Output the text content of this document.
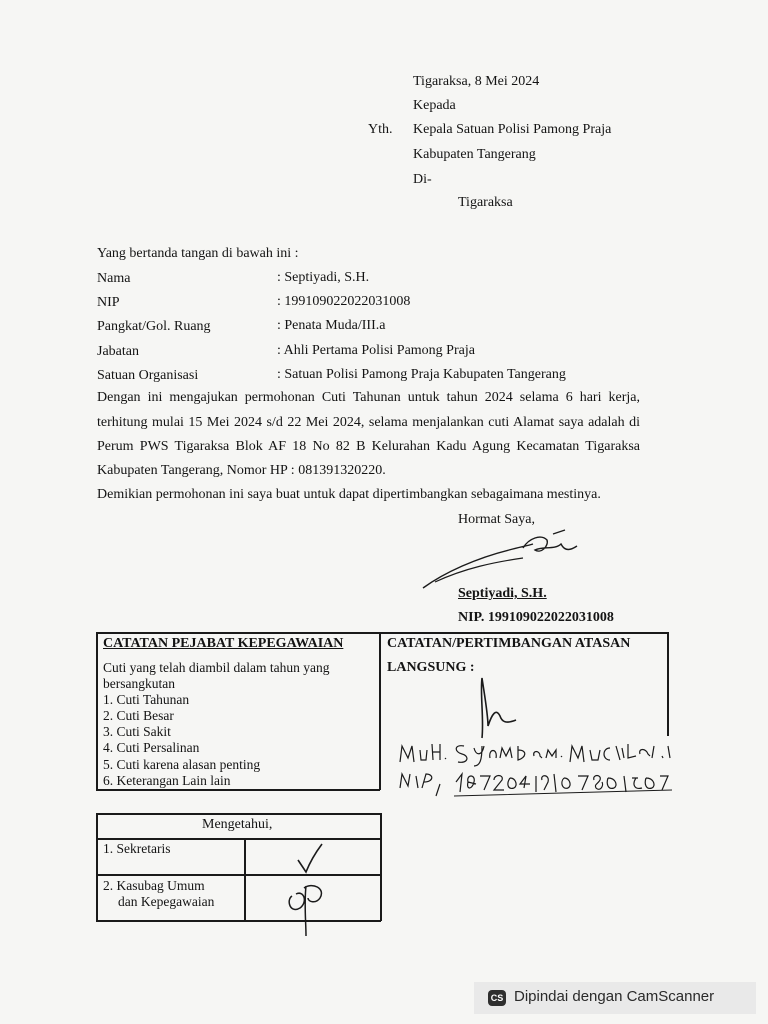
Tigaraksa, 8 Mei 2024
Kepada
Yth. Kepala Satuan Polisi Pamong Praja
Kabupaten Tangerang
Di-
Tigaraksa
Yang bertanda tangan di bawah ini :
Nama	: Septiyadi, S.H.
NIP	: 199109022022031008
Pangkat/Gol. Ruang	: Penata Muda/III.a
Jabatan	: Ahli Pertama Polisi Pamong Praja
Satuan Organisasi	: Satuan Polisi Pamong Praja Kabupaten Tangerang
Dengan ini mengajukan permohonan Cuti Tahunan untuk tahun 2024 selama 6 hari kerja,
terhitung mulai 15 Mei 2024 s/d 22 Mei 2024, selama menjalankan cuti Alamat saya adalah di
Perum PWS Tigaraksa Blok AF 18 No 82 B Kelurahan Kadu Agung Kecamatan Tigaraksa
Kabupaten Tangerang, Nomor HP : 081391320220.
Demikian permohonan ini saya buat untuk dapat dipertimbangkan sebagaimana mestinya.
Hormat Saya,
Septiyadi, S.H.
NIP. 199109022022031008
CATATAN PEJABAT KEPEGAWAIAN
Cuti yang telah diambil dalam tahun yang
bersangkutan
1. Cuti Tahunan
2. Cuti Besar
3. Cuti Sakit
4. Cuti Persalinan
5. Cuti karena alasan penting
6. Keterangan Lain lain
CATATAN/PERTIMBANGAN ATASAN
LANGSUNG :
Mengetahui,
1. Sekretaris
2. Kasubag Umum
dan Kepegawaian
CS Dipindai dengan CamScanner
